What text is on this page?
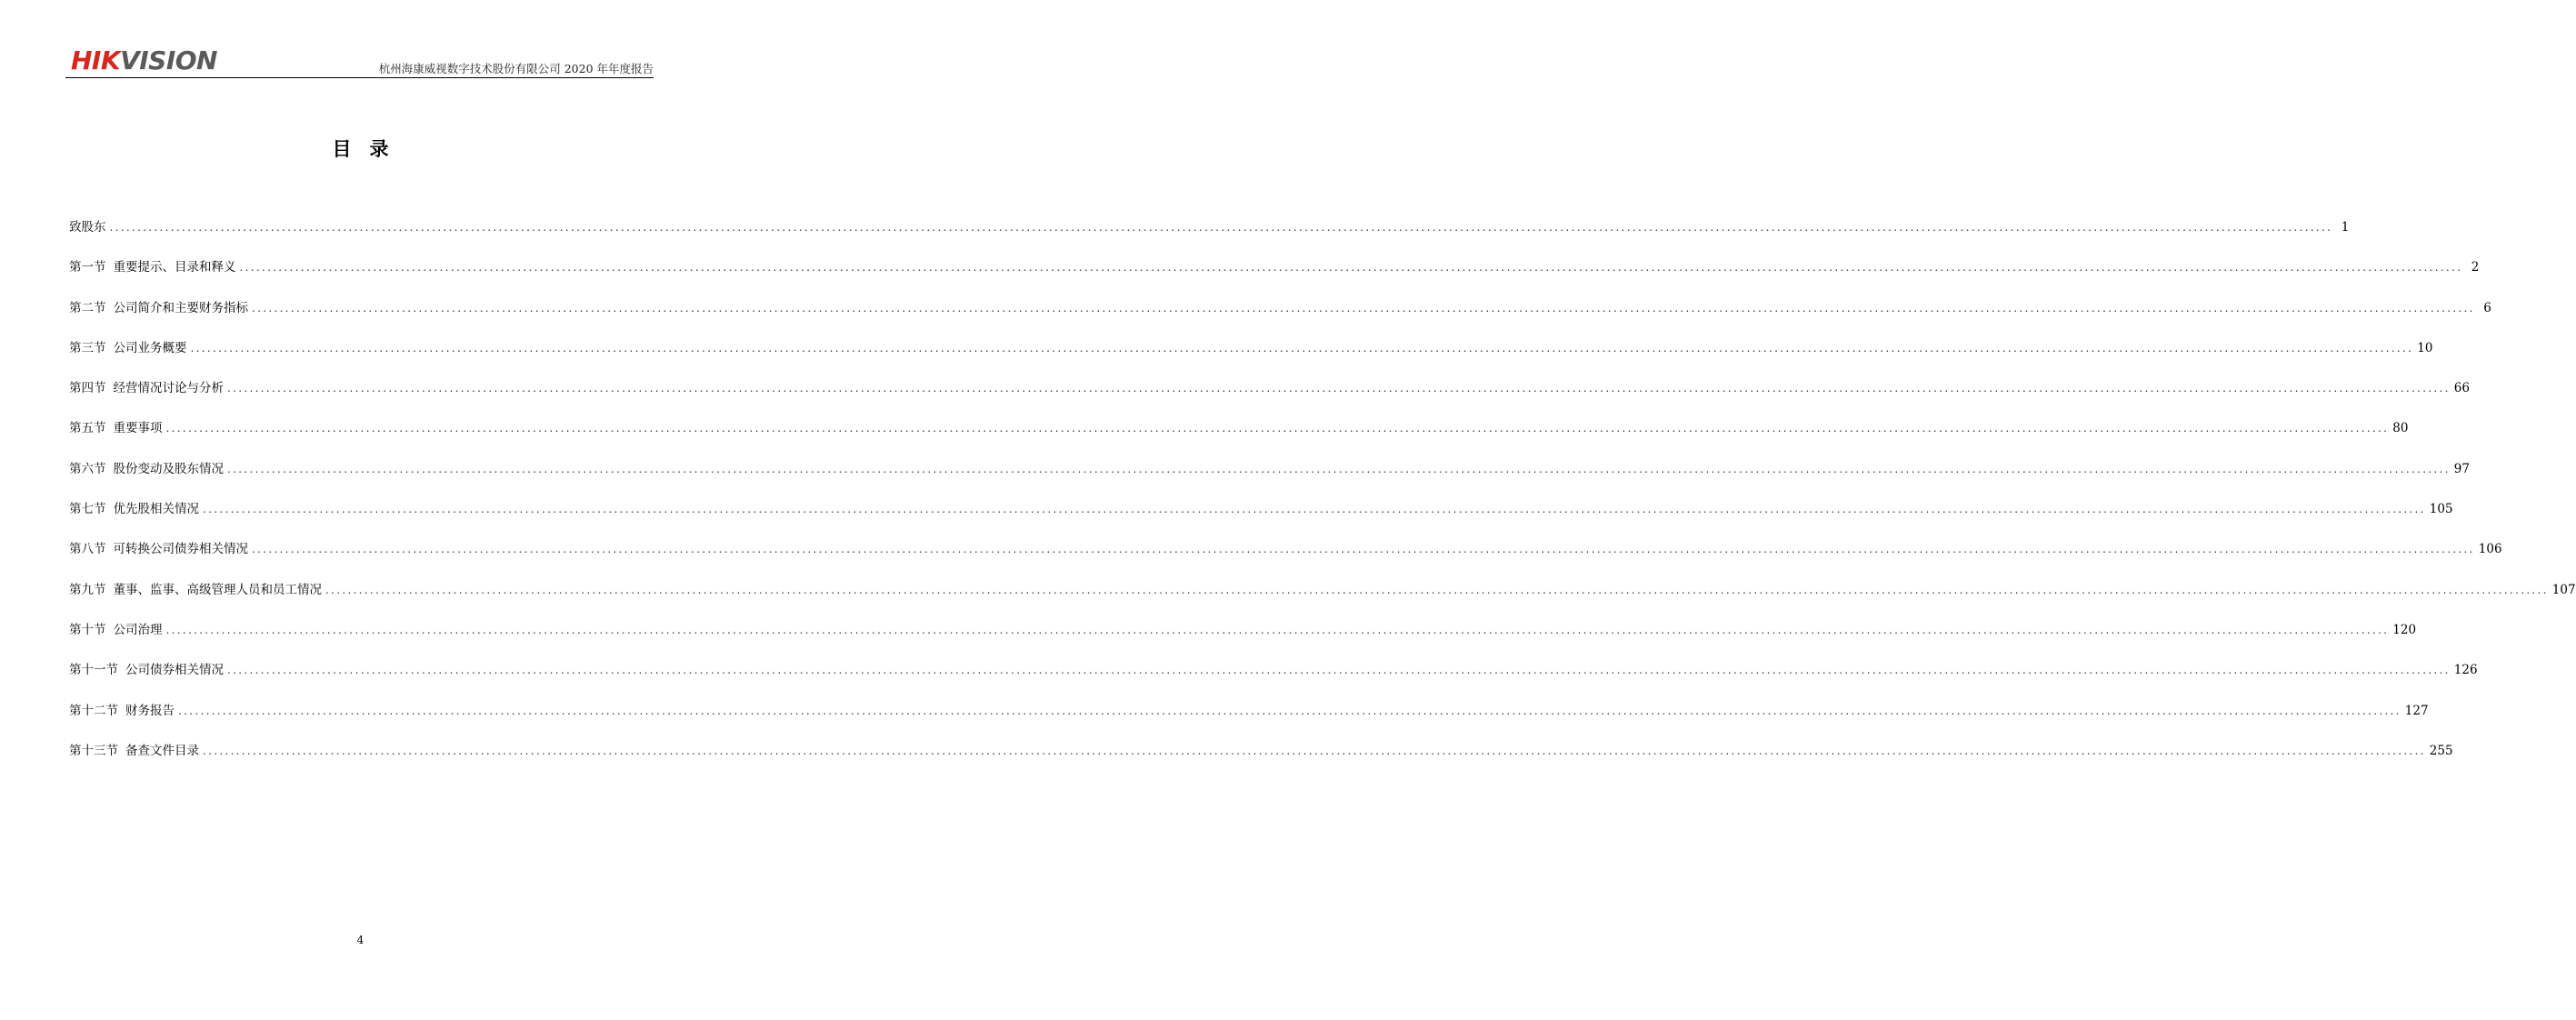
HIKVISION	杭州海康威视数字技术股份有限公司 2020 年年度报告
目录
致股东 ................................................................................................................................................................................................................................................................................................................................................................................................................ 1
第一节 重要提示、目录和释义 ................................................................................................................................................................................................................................................................................................................................................................................................................ 2
第二节 公司简介和主要财务指标 ................................................................................................................................................................................................................................................................................................................................................................................................................ 6
第三节 公司业务概要 ................................................................................................................................................................................................................................................................................................................................................................................................................ 10
第四节 经营情况讨论与分析 ................................................................................................................................................................................................................................................................................................................................................................................................................ 66
第五节 重要事项 ................................................................................................................................................................................................................................................................................................................................................................................................................ 80
第六节 股份变动及股东情况 ................................................................................................................................................................................................................................................................................................................................................................................................................ 97
第七节 优先股相关情况 ................................................................................................................................................................................................................................................................................................................................................................................................................ 105
第八节 可转换公司债券相关情况 ................................................................................................................................................................................................................................................................................................................................................................................................................ 106
第九节 董事、监事、高级管理人员和员工情况 ................................................................................................................................................................................................................................................................................................................................................................................................................ 107
第十节 公司治理 ................................................................................................................................................................................................................................................................................................................................................................................................................ 120
第十一节 公司债券相关情况 ................................................................................................................................................................................................................................................................................................................................................................................................................ 126
第十二节 财务报告 ................................................................................................................................................................................................................................................................................................................................................................................................................ 127
第十三节 备查文件目录 ................................................................................................................................................................................................................................................................................................................................................................................................................ 255
4
